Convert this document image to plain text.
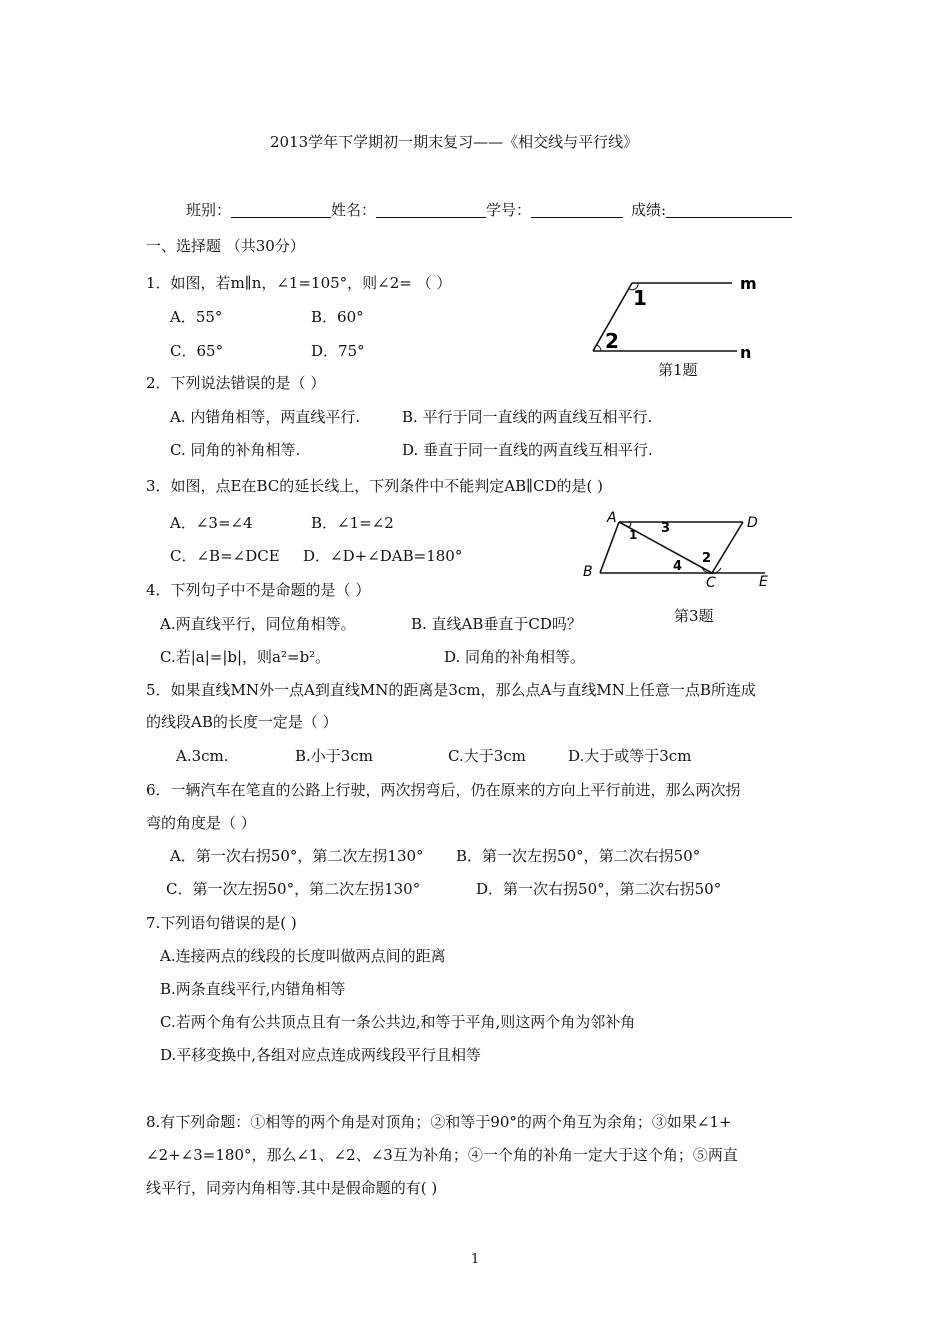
2013学年下学期初一期末复习——《相交线与平行线》
班别：	姓名：	学号：	成绩:
一、选择题 （共30分）
1．如图，若m∥n，∠1=105°，则∠2= （ ）
A．55°	B．60°
C．65°	D．75°
1
2
m
n
第1题
2．下列说法错误的是（ ）
A. 内错角相等，两直线平行.	B. 平行于同一直线的两直线互相平行.
C. 同角的补角相等.	D. 垂直于同一直线的两直线互相平行.
3．如图，点E在BC的延长线上，下列条件中不能判定AB∥CD的是( )
A．∠3=∠4	B．∠1=∠2
C．∠B=∠DCE D．∠D+∠DAB=180°
A
B
C
D
E
1
2
3
4
第3题
4．下列句子中不是命题的是（ ）
A.两直线平行，同位角相等。	B. 直线AB垂直于CD吗？
C.若|a|=|b|，则a²=b²。	D. 同角的补角相等。
5．如果直线MN外一点A到直线MN的距离是3cm，那么点A与直线MN上任意一点B所连成
的线段AB的长度一定是（ ）
A.3cm.	B.小于3cm	C.大于3cm	D.大于或等于3cm
6．一辆汽车在笔直的公路上行驶，两次拐弯后，仍在原来的方向上平行前进，那么两次拐
弯的角度是（ ）
A．第一次右拐50°，第二次左拐130° B．第一次左拐50°，第二次右拐50°
C．第一次左拐50°，第二次左拐130°	D．第一次右拐50°，第二次右拐50°
7.下列语句错误的是( )
A.连接两点的线段的长度叫做两点间的距离
B.两条直线平行,内错角相等
C.若两个角有公共顶点且有一条公共边,和等于平角,则这两个角为邻补角
D.平移变换中,各组对应点连成两线段平行且相等
8.有下列命题：①相等的两个角是对顶角；②和等于90°的两个角互为余角；③如果∠1+
∠2+∠3=180°，那么∠1、∠2、∠3互为补角；④一个角的补角一定大于这个角；⑤两直
线平行，同旁内角相等.其中是假命题的有( )
1
